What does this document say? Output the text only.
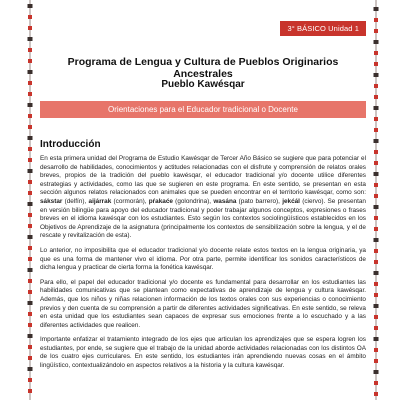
3° BÁSICO Unidad 1
Programa de Lengua y Cultura de Pueblos Originarios Ancestrales
Pueblo Kawésqar
Orientaciones para el Educador tradicional o Docente
Introducción

En esta primera unidad del Programa de Estudio Kawésqar de Tercer Año Básico se sugiere que para potenciar el desarrollo de habilidades, conocimientos y actitudes relacionadas con el disfrute y comprensión de relatos orales breves, propios de la tradición del pueblo kawésqar, el educador tradicional y/o docente utilice diferentes estrategias y actividades, como las que se sugieren en este programa. En este sentido, se presentan en esta sección algunos relatos relacionados con animales que se pueden encontrar en el territorio kawésqar, como son: sákstar (delfín), aijárrak (cormorán), pŕakaće (golondrina), wasána (pato barrero), jekćál (ciervo). Se presentan en versión bilingüe para apoyo del educador tradicional y poder trabajar algunos conceptos, expresiones o frases breves en el idioma kawésqar con los estudiantes. Esto según los contextos sociolingüísticos establecidos en los Objetivos de Aprendizaje de la asignatura (principalmente los contextos de sensibilización sobre la lengua, y el de rescate y revitalización de esta).

Lo anterior, no imposibilita que el educador tradicional y/o docente relate estos textos en la lengua originaria, ya que es una forma de mantener vivo el idioma. Por otra parte, permite identificar los sonidos característicos de dicha lengua y practicar de cierta forma la fonética kawésqar.

Para ello, el papel del educador tradicional y/o docente es fundamental para desarrollar en los estudiantes las habilidades comunicativas que se plantean como expectativas de aprendizaje de lengua y cultura kawésqar. Además, que los niños y niñas relacionen información de los textos orales con sus experiencias o conocimiento previos y den cuenta de su comprensión a partir de diferentes actividades significativas. En este sentido, se releva en esta unidad que los estudiantes sean capaces de expresar sus emociones frente a lo escuchado y a las diferentes actividades que realicen.

Importante enfatizar el tratamiento integrado de los ejes que articulan los aprendizajes que se espera logren los estudiantes, por ende, se sugiere que el trabajo de la unidad aborde actividades relacionadas con los distintos OA de los cuatro ejes curriculares. En este sentido, los estudiantes irán aprendiendo nuevas cosas en el ámbito lingüístico, contextualizándolo en aspectos relativos a la historia y la cultura kawésqar.
